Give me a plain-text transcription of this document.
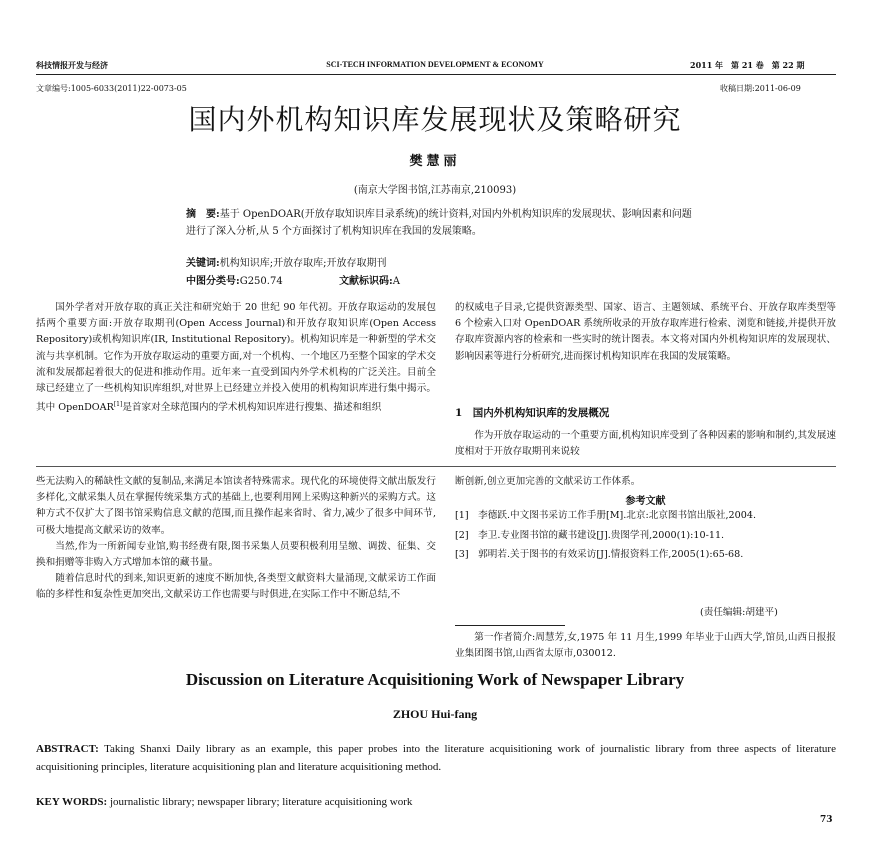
科技情报开发与经济	SCI-TECH INFORMATION DEVELOPMENT & ECONOMY	2011 年　第 21 卷　第 22 期
文章编号:1005-6033(2011)22-0073-05	收稿日期:2011-06-09
国内外机构知识库发展现状及策略研究
樊慧丽
(南京大学图书馆,江苏南京,210093)
摘　要:基于 OpenDOAR(开放存取知识库目录系统)的统计资料,对国内外机构知识库的发展现状、影响因素和问题进行了深入分析,从 5 个方面探讨了机构知识库在我国的发展策略。
关键词:机构知识库;开放存取库;开放存取期刊
中图分类号:G250.74	文献标识码:A

国外学者对开放存取的真正关注和研究始于 20 世纪 90 年代初。开放存取运动的发展包括两个重要方面:开放存取期刊(Open Access Journal)和开放存取知识库(Open Access Repository)或机构知识库(IR, Institutional Repository)。机构知识库是一种新型的学术交流与共享机制。它作为开放存取运动的重要方面,对一个机构、一个地区乃至整个国家的学术交流和发展都起着很大的促进和推动作用。近年来一直受到国内外学术机构的广泛关注。目前全球已经建立了一些机构知识库组织,对世界上已经建立并投入使用的机构知识库进行集中揭示。其中 OpenDOAR[1]是首家对全球范围内的学术机构知识库进行搜集、描述和组织

的权威电子目录,它提供资源类型、国家、语言、主题领域、系统平台、开放存取库类型等 6 个检索入口对 OpenDOAR 系统所收录的开放存取库进行检索、浏览和链接,并提供开放存取库资源内容的检索和一些实时的统计图表。本文将对国内外机构知识库的发展现状、影响因素等进行分析研究,进而探讨机构知识库在我国的发展策略。

1　国内外机构知识库的发展概况

作为开放存取运动的一个重要方面,机构知识库受到了各种因素的影响和制约,其发展速度相对于开放存取期刊来说较

些无法购入的稀缺性文献的复制品,来满足本馆读者特殊需求。现代化的环境使得文献出版发行多样化,文献采集人员在掌握传统采集方式的基础上,也要利用网上采购这种新兴的采购方式。这种方式不仅扩大了图书馆采购信息文献的范围,而且操作起来省时、省力,减少了很多中间环节,可极大地提高文献采访的效率。

当然,作为一所新闻专业馆,购书经费有限,图书采集人员要积极利用呈缴、调拨、征集、交换和捐赠等非购入方式增加本馆的藏书量。

随着信息时代的到来,知识更新的速度不断加快,各类型文献资料大量涌现,文献采访工作面临的多样性和复杂性更加突出,文献采访工作也需要与时俱进,在实际工作中不断总结,不

断创新,创立更加完善的文献采访工作体系。

参考文献
[1]　李德跃.中文图书采访工作手册[M].北京:北京图书馆出版社,2004.
[2]　李卫.专业图书馆的藏书建设[J].贵图学刊,2000(1):10-11.
[3]　郭明若.关于图书的有效采访[J].情报资料工作,2005(1):65-68.
(责任编辑:胡建平)

第一作者简介:周慧芳,女,1975 年 11 月生,1999 年毕业于山西大学,馆员,山西日报报业集团图书馆,山西省太原市,030012.

Discussion on Literature Acquisitioning Work of Newspaper Library
ZHOU Hui-fang
ABSTRACT: Taking Shanxi Daily library as an example, this paper probes into the literature acquisitioning work of journalistic library from three aspects of literature acquisitioning principles, literature acquisitioning plan and literature acquisitioning method.
KEY WORDS: journalistic library; newspaper library; literature acquisitioning work
73
